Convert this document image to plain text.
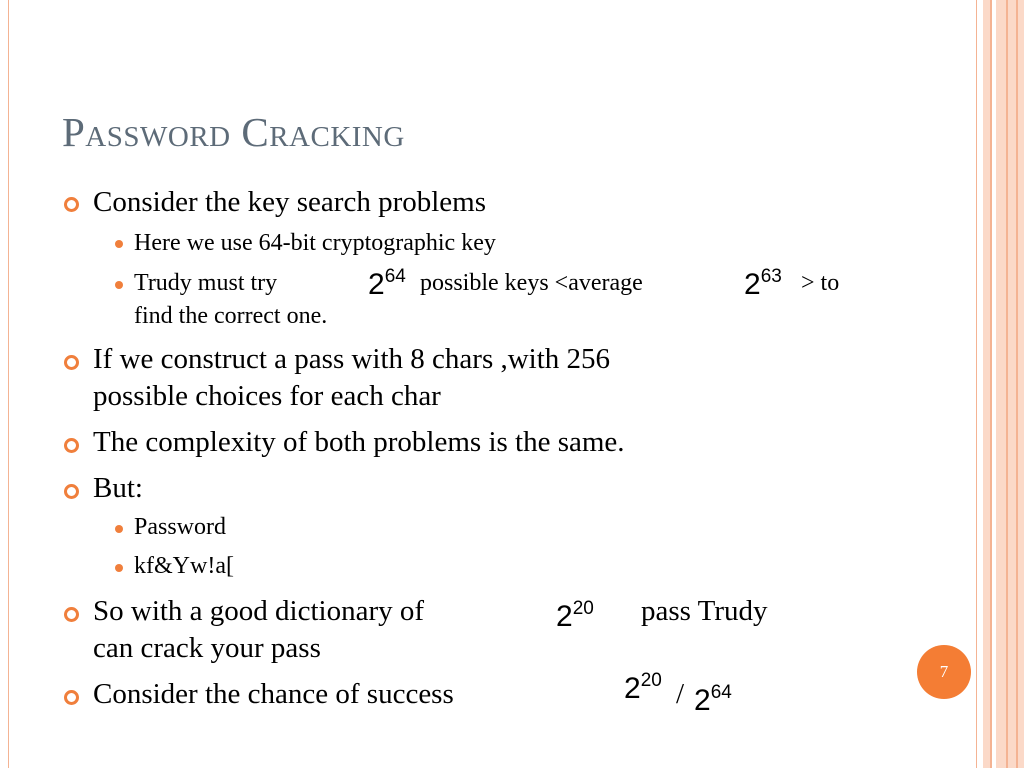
Password Cracking
Consider the key search problems
Here we use 64-bit cryptographic key
Trudy must try	264 possible keys <average	263 > to
find the correct one.
If we construct a pass with 8 chars ,with 256
possible choices for each char
The complexity of both problems is the same.
But:
Password
kf&Yw!a[
So with a good dictionary of	220 pass Trudy
can crack your pass
Consider the chance of success	220 / 264
7
